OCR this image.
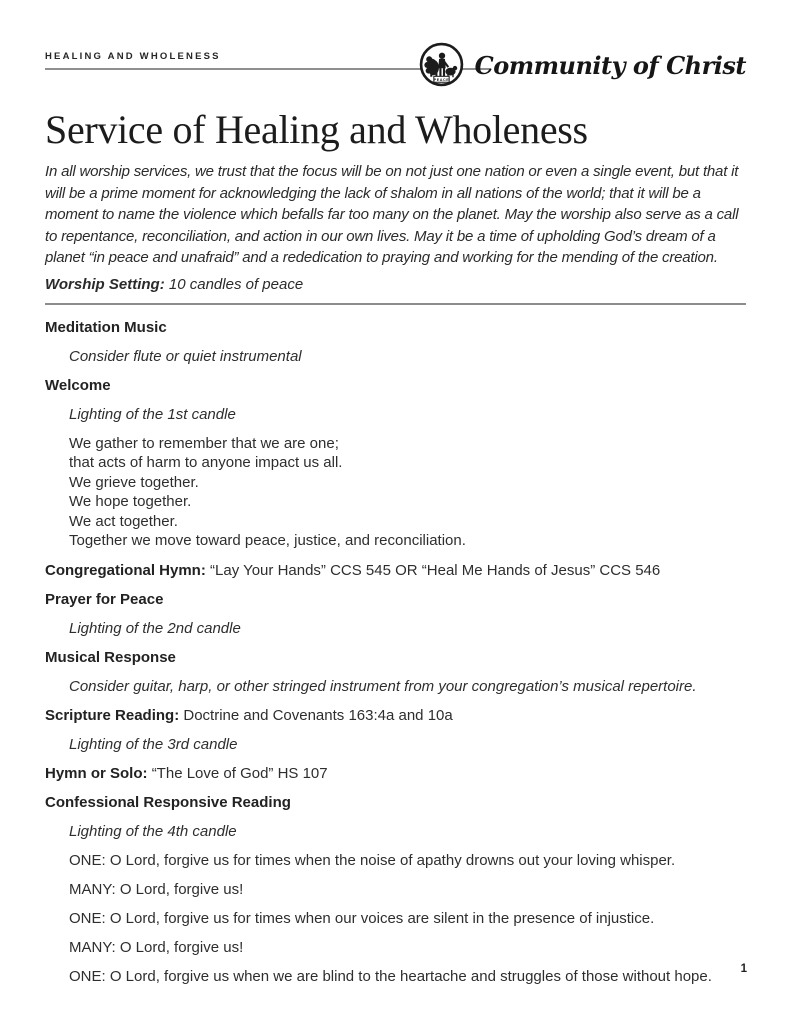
HEALING AND WHOLENESS
PEACE Community of Christ
Service of Healing and Wholeness

In all worship services, we trust that the focus will be on not just one nation or even a single event, but that it will be a prime moment for acknowledging the lack of shalom in all nations of the world; that it will be a moment to name the violence which befalls far too many on the planet. May the worship also serve as a call to repentance, reconciliation, and action in our own lives. May it be a time of upholding God’s dream of a planet “in peace and unafraid” and a rededication to praying and working for the mending of the creation.

Worship Setting: 10 candles of peace

Meditation Music
Consider flute or quiet instrumental
Welcome
Lighting of the 1st candle
We gather to remember that we are one;
that acts of harm to anyone impact us all.
We grieve together.
We hope together.
We act together.
Together we move toward peace, justice, and reconciliation.
Congregational Hymn: “Lay Your Hands” CCS 545 OR “Heal Me Hands of Jesus” CCS 546
Prayer for Peace
Lighting of the 2nd candle
Musical Response
Consider guitar, harp, or other stringed instrument from your congregation’s musical repertoire.
Scripture Reading: Doctrine and Covenants 163:4a and 10a
Lighting of the 3rd candle
Hymn or Solo: “The Love of God” HS 107
Confessional Responsive Reading
Lighting of the 4th candle
ONE: O Lord, forgive us for times when the noise of apathy drowns out your loving whisper.
MANY: O Lord, forgive us!
ONE: O Lord, forgive us for times when our voices are silent in the presence of injustice.
MANY: O Lord, forgive us!
ONE: O Lord, forgive us when we are blind to the heartache and struggles of those without hope.	1
